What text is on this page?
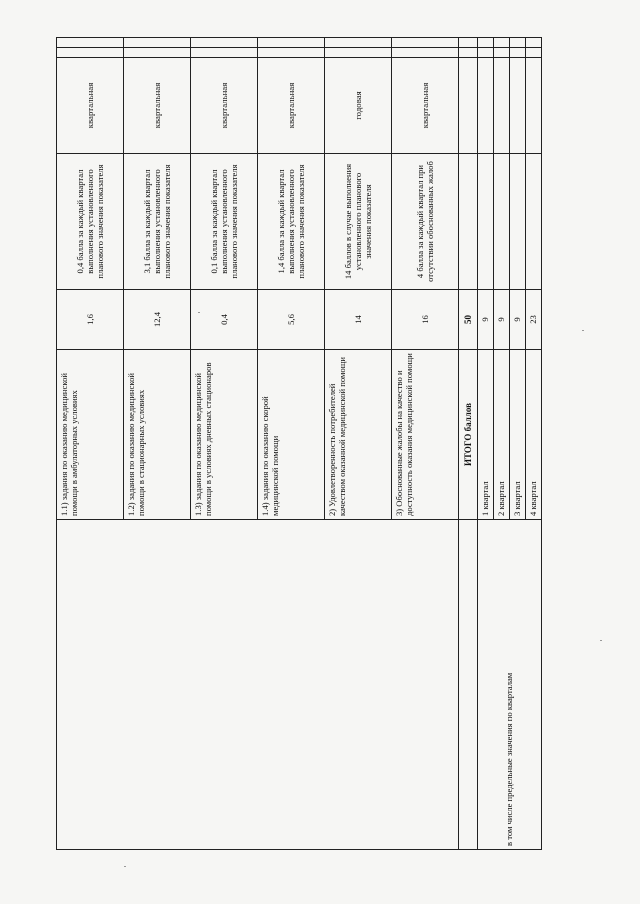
	1.1) задания по оказанию медицинской помощи в амбулаторных условиях	1,6	0,4 балла за каждый квартал выполнения установленного планового значения показателя	квартальная		
	1.2) задания по оказанию медицинской помощи в стационарных условиях	12,4	3,1 балла за каждый квартал выполнения установленного планового значения показателя	квартальная		
	1.3) задания по оказанию медицинской помощи в условиях дневных стационаров	0,4	0,1 балла за каждый квартал выполнения установленного планового значения показателя	квартальная		
	1.4) задания по оказанию скорой медицинской помощи	5,6	1,4 балла за каждый квартал выполнения установленного планового значения показателя	квартальная		
	2) Удовлетворенность потребителей качеством оказанной медицинской помощи	14	14 баллов в случае выполнения установленного планового значения показателя	годовая		
	3) Обоснованные жалобы на качество и доступность оказания медицинской помощи	16	4 балла за каждый квартал при отсутствии обоснованных жалоб	квартальная		
	ИТОГО баллов	50				
в том числе предельные значения по кварталам	1 квартал	9				
	2 квартал	9				
	3 квартал	9				
	4 квартал	23				
